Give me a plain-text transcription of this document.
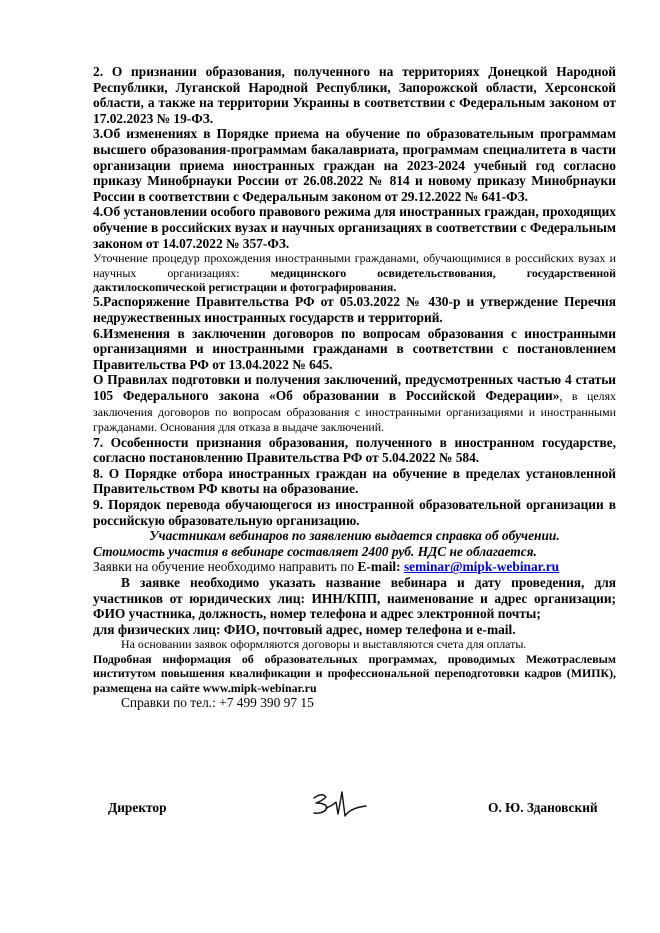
2. О признании образования, полученного на территориях Донецкой Народной Республики, Луганской Народной Республики, Запорожской области, Херсонской области, а также на территории Украины в соответствии с Федеральным законом от 17.02.2023 № 19-ФЗ.

3.Об изменениях в Порядке приема на обучение по образовательным программам высшего образования-программам бакалавриата, программам специалитета в части организации приема иностранных граждан на 2023-2024 учебный год согласно приказу Минобрнауки России от 26.08.2022 № 814 и новому приказу Минобрнауки России в соответствии с Федеральным законом от 29.12.2022 № 641-ФЗ.

4.Об установлении особого правового режима для иностранных граждан, проходящих обучение в российских вузах и научных организациях в соответствии с Федеральным законом от 14.07.2022 № 357-ФЗ.

Уточнение процедур прохождения иностранными гражданами, обучающимися в российских вузах и научных организациях: медицинского освидетельствования, государственной дактилоскопической регистрации и фотографирования.

5.Распоряжение Правительства РФ от 05.03.2022 № 430-р и утверждение Перечня недружественных иностранных государств и территорий.

6.Изменения в заключении договоров по вопросам образования с иностранными организациями и иностранными гражданами в соответствии с постановлением Правительства РФ от 13.04.2022 № 645.

О Правилах подготовки и получения заключений, предусмотренных частью 4 статьи 105 Федерального закона «Об образовании в Российской Федерации», в целях заключения договоров по вопросам образования с иностранными организациями и иностранными гражданами. Основания для отказа в выдаче заключений.

7. Особенности признания образования, полученного в иностранном государстве, согласно постановлению Правительства РФ от 5.04.2022 № 584.

8. О Порядке отбора иностранных граждан на обучение в пределах установленной Правительством РФ квоты на образование.

9. Порядок перевода обучающегося из иностранной образовательной организации в российскую образовательную организацию.

Участникам вебинаров по заявлению выдается справка об обучении.

Стоимость участия в вебинаре составляет 2400 руб. НДС не облагается.

Заявки на обучение необходимо направить по E-mail: seminar@mipk-webinar.ru

В заявке необходимо указать название вебинара и дату проведения, для участников от юридических лиц: ИНН/КПП, наименование и адрес организации; ФИО участника, должность, номер телефона и адрес электронной почты;

для физических лиц: ФИО, почтовый адрес, номер телефона и e-mail.

На основании заявок оформляются договоры и выставляются счета для оплаты.

Подробная информация об образовательных программах, проводимых Межотраслевым институтом повышения квалификации и профессиональной переподготовки кадров (МИПК), размещена на сайте www.mipk-webinar.ru

Справки по тел.: +7 499 390 97 15

Директор	О. Ю. Здановский
